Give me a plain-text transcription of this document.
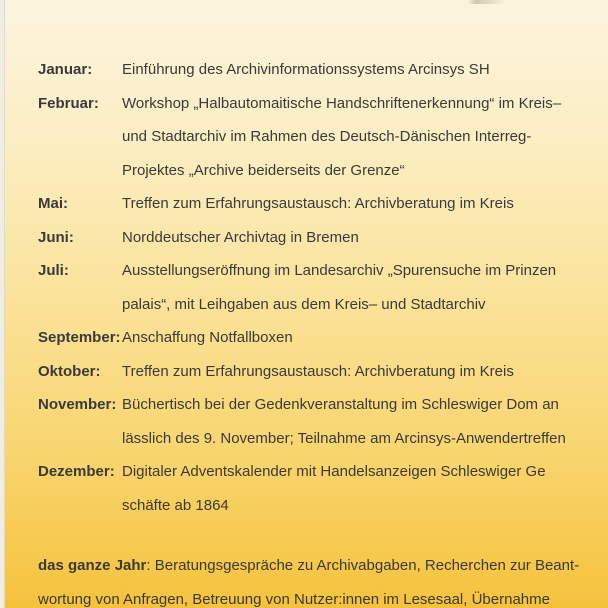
Januar: Einführung des Archivinformationssystems Arcinsys SH
Februar: Workshop „Halbautomaitische Handschriftenerkennung“ im Kreis–
und Stadtarchiv im Rahmen des Deutsch-Dänischen Interreg-
Projektes „Archive beiderseits der Grenze“
Mai:	Treffen zum Erfahrungsaustausch: Archivberatung im Kreis
Juni:	Norddeutscher Archivtag in Bremen
Juli:	Ausstellungseröffnung im Landesarchiv „Spurensuche im Prinzen
palais“, mit Leihgaben aus dem Kreis– und Stadtarchiv
September: Anschaffung Notfallboxen
Oktober: Treffen zum Erfahrungsaustausch: Archivberatung im Kreis
November: Büchertisch bei der Gedenkveranstaltung im Schleswiger Dom an
lässlich des 9. November; Teilnahme am Arcinsys-Anwendertreffen
Dezember: Digitaler Adventskalender mit Handelsanzeigen Schleswiger Ge
schäfte ab 1864
das ganze Jahr: Beratungsgespräche zu Archivabgaben, Recherchen zur Beant-
wortung von Anfragen, Betreuung von Nutzer:innen im Lesesaal, Übernahme
